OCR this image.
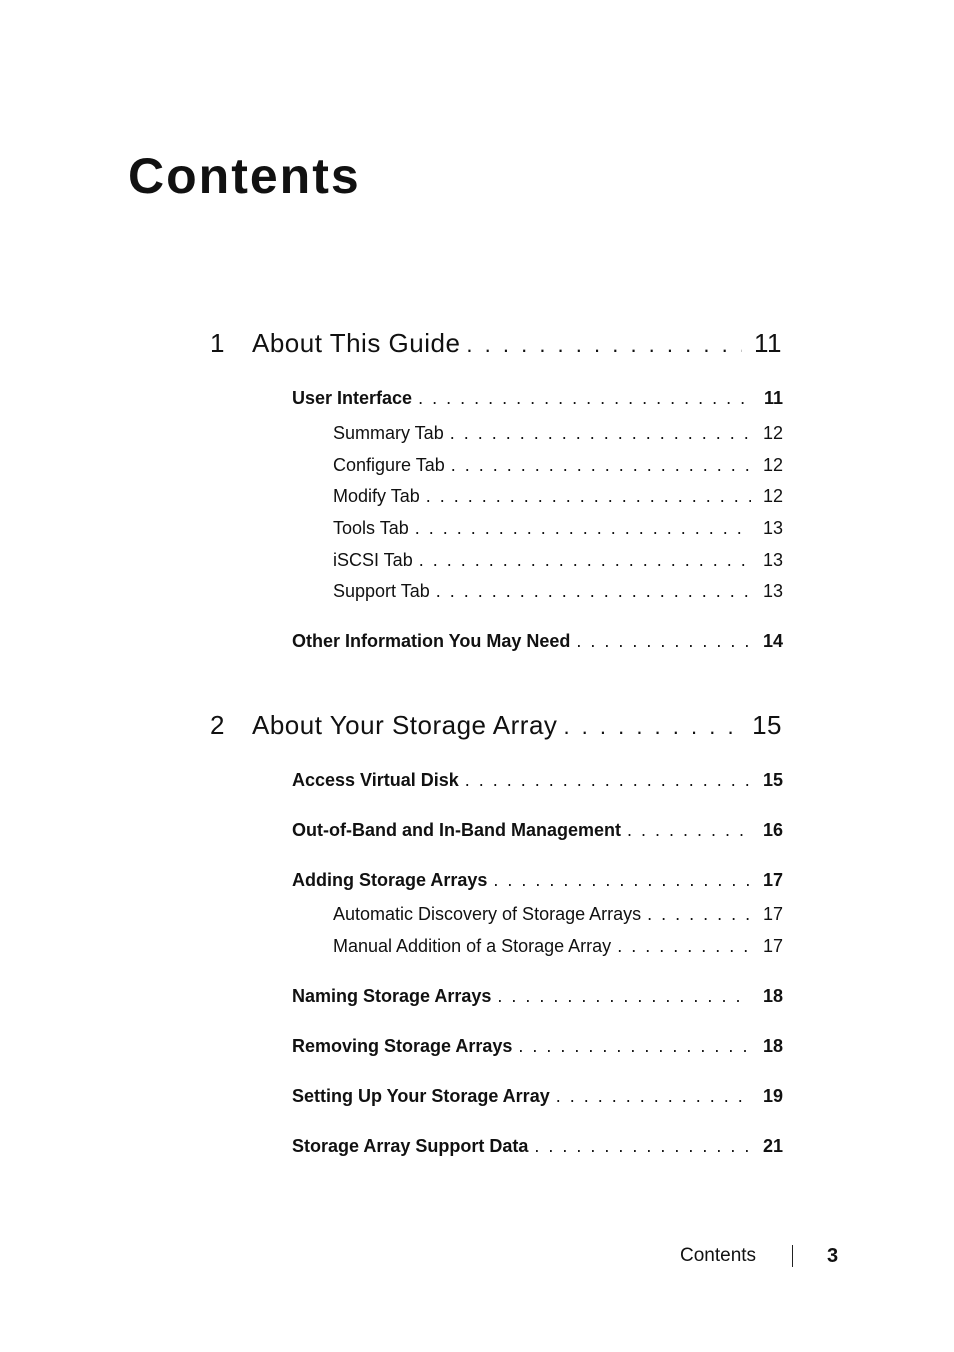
Contents
1	About This Guide . . .	11
User Interface . . .	11
Summary Tab . . .	12
Configure Tab . . .	12
Modify Tab . . .	12
Tools Tab . . .	13
iSCSI Tab . . .	13
Support Tab . . .	13
Other Information You May Need . . .	14
2	About Your Storage Array . . .	15
Access Virtual Disk . . .	15
Out-of-Band and In-Band Management . . .	16
Adding Storage Arrays . . .	17
Automatic Discovery of Storage Arrays . . .	17
Manual Addition of a Storage Array . . .	17
Naming Storage Arrays . . .	18
Removing Storage Arrays . . .	18
Setting Up Your Storage Array . . .	19
Storage Array Support Data . . .	21
Contents	3
